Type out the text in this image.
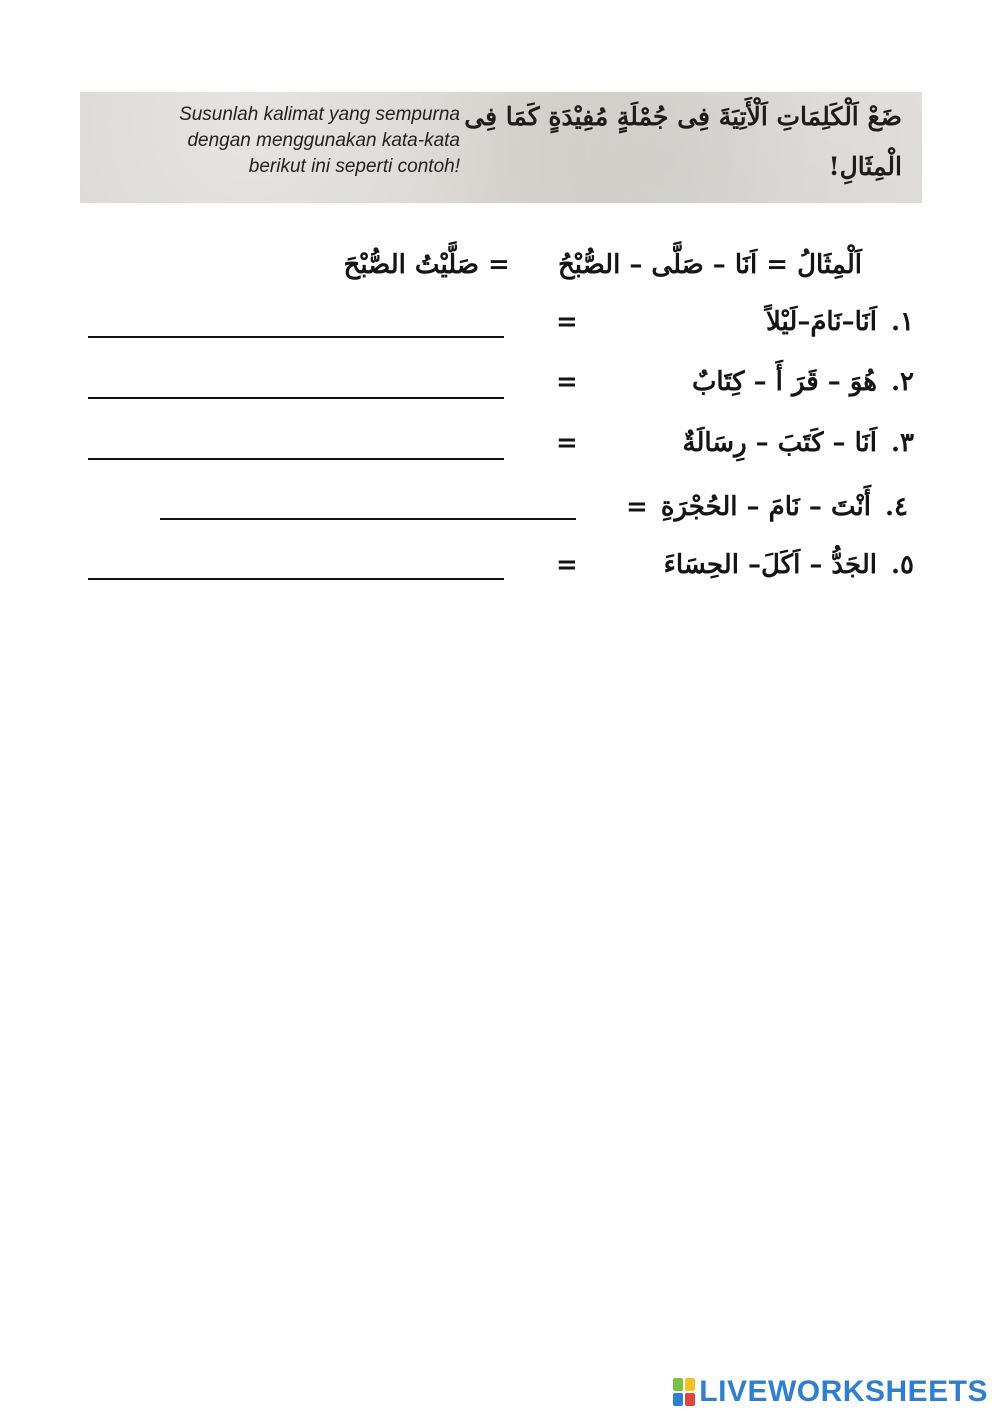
Susunlah kalimat yang sempurna
dengan menggunakan kata-kata
berikut ini seperti contoh!
ضَعْ اَلْكَلِمَاتِ اَلْأَتِيَةَ فِى جُمْلَةٍ مُفِيْدَةٍ كَمَا فِى
الْمِثَالِ!
اَلْمِثَالُ = اَنَا – صَلَّى – الصُّبْحُ  = صَلَّيْتُ الصُّبْحَ
١.اَنَا–نَامَ–لَيْلاً
=
٢.هُوَ – قَرَ أَ – كِتَابٌ
=
٣.اَنَا – كَتَبَ – رِسَالَةٌ
=
٤.أَنْتَ – نَامَ – الحُجْرَةِ
=
٥.الجَدُّ – اَكَلَ– الحِسَاءَ
=
LIVEWORKSHEETS
